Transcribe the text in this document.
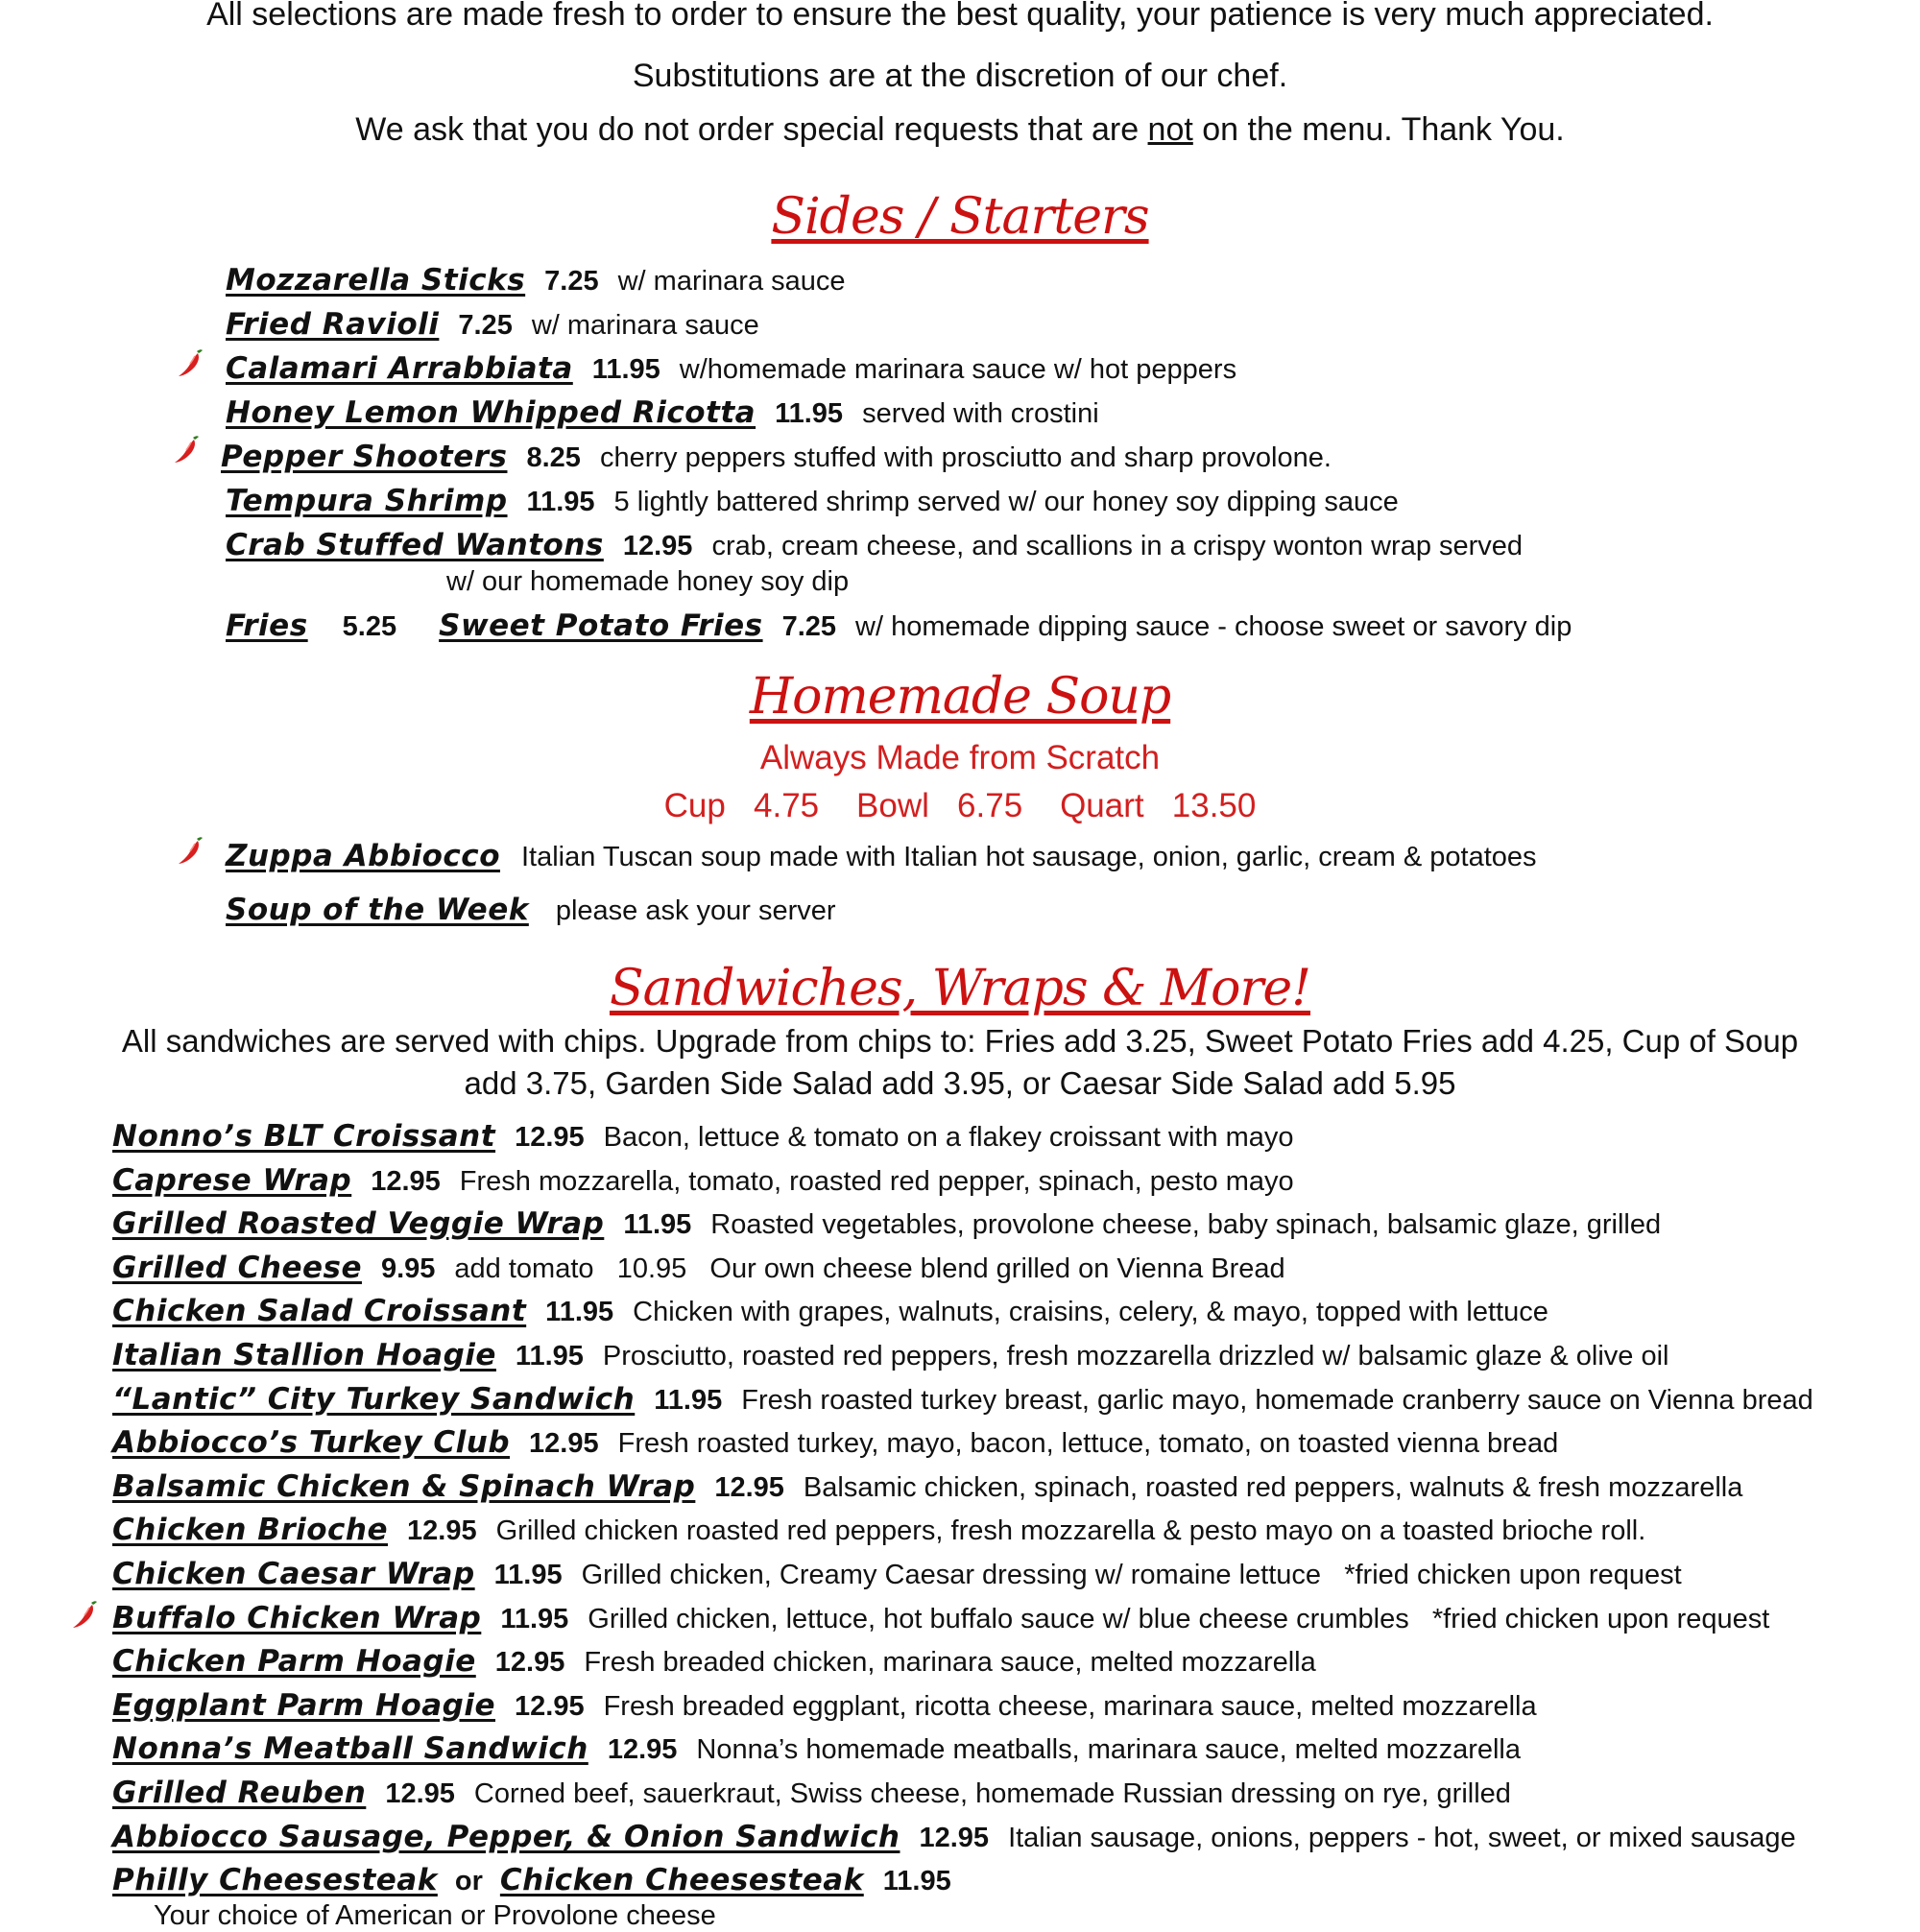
All selections are made fresh to order to ensure the best quality, your patience is very much appreciated.
Substitutions are at the discretion of our chef.
We ask that you do not order special requests that are not on the menu. Thank You.
Sides / Starters
Mozzarella Sticks 7.25 w/ marinara sauce
Fried Ravioli 7.25 w/ marinara sauce
Calamari Arrabbiata 11.95 w/homemade marinara sauce w/ hot peppers
Honey Lemon Whipped Ricotta 11.95 served with crostini
Pepper Shooters 8.25 cherry peppers stuffed with prosciutto and sharp provolone.
Tempura Shrimp 11.95 5 lightly battered shrimp served w/ our honey soy dipping sauce
Crab Stuffed Wantons 12.95 crab, cream cheese, and scallions in a crispy wonton wrap served
w/ our homemade honey soy dip
Fries 5.25 Sweet Potato Fries 7.25 w/ homemade dipping sauce - choose sweet or savory dip
Homemade Soup
Always Made from Scratch
Cup   4.75    Bowl   6.75    Quart   13.50
Zuppa Abbiocco Italian Tuscan soup made with Italian hot sausage, onion, garlic, cream & potatoes
Soup of the Week please ask your server
Sandwiches, Wraps & More!
All sandwiches are served with chips. Upgrade from chips to: Fries add 3.25, Sweet Potato Fries add 4.25, Cup of Soup
add 3.75, Garden Side Salad add 3.95, or Caesar Side Salad add 5.95
Nonno’s BLT Croissant 12.95 Bacon, lettuce & tomato on a flakey croissant with mayo
Caprese Wrap 12.95 Fresh mozzarella, tomato, roasted red pepper, spinach, pesto mayo
Grilled Roasted Veggie Wrap 11.95 Roasted vegetables, provolone cheese, baby spinach, balsamic glaze, grilled
Grilled Cheese 9.95 add tomato   10.95   Our own cheese blend grilled on Vienna Bread
Chicken Salad Croissant 11.95 Chicken with grapes, walnuts, craisins, celery, & mayo, topped with lettuce
Italian Stallion Hoagie 11.95 Prosciutto, roasted red peppers, fresh mozzarella drizzled w/ balsamic glaze & olive oil
“Lantic” City Turkey Sandwich 11.95 Fresh roasted turkey breast, garlic mayo, homemade cranberry sauce on Vienna bread
Abbiocco’s Turkey Club 12.95 Fresh roasted turkey, mayo, bacon, lettuce, tomato, on toasted vienna bread
Balsamic Chicken & Spinach Wrap 12.95 Balsamic chicken, spinach, roasted red peppers, walnuts & fresh mozzarella
Chicken Brioche 12.95 Grilled chicken roasted red peppers, fresh mozzarella & pesto mayo on a toasted brioche roll.
Chicken Caesar Wrap 11.95 Grilled chicken, Creamy Caesar dressing w/ romaine lettuce   *fried chicken upon request
Buffalo Chicken Wrap 11.95 Grilled chicken, lettuce, hot buffalo sauce w/ blue cheese crumbles   *fried chicken upon request
Chicken Parm Hoagie 12.95 Fresh breaded chicken, marinara sauce, melted mozzarella
Eggplant Parm Hoagie 12.95 Fresh breaded eggplant, ricotta cheese, marinara sauce, melted mozzarella
Nonna’s Meatball Sandwich 12.95 Nonna’s homemade meatballs, marinara sauce, melted mozzarella
Grilled Reuben 12.95 Corned beef, sauerkraut, Swiss cheese, homemade Russian dressing on rye, grilled
Abbiocco Sausage, Pepper, & Onion Sandwich 12.95 Italian sausage, onions, peppers - hot, sweet, or mixed sausage
Philly Cheesesteak or Chicken Cheesesteak 11.95
Your choice of American or Provolone cheese
